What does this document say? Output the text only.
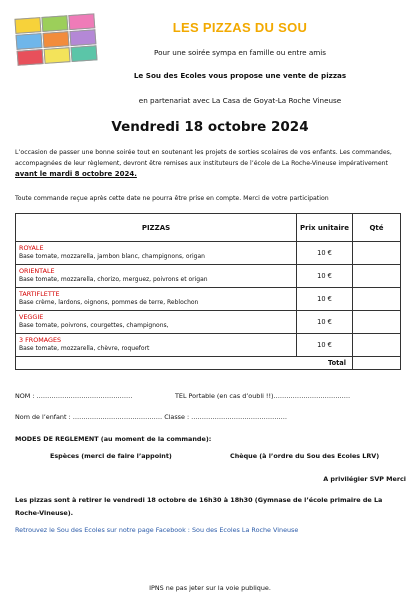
LES PIZZAS DU SOU
Pour une soirée sympa en famille ou entre amis
Le Sou des Ecoles vous propose une vente de pizzas
en partenariat avec La Casa de Goyat-La Roche Vineuse
Vendredi 18 octobre 2024
L’occasion de passer une bonne soirée tout en soutenant les projets de sorties scolaires de vos enfants. Les commandes, accompagnées de leur règlement, devront être remises aux instituteurs de l’école de La Roche-Vineuse impérativement avant le mardi 8 octobre 2024.
Toute commande reçue après cette date ne pourra être prise en compte. Merci de votre participation
PIZZAS	Prix unitaire	Qté

ROYALE
Base tomate, mozzarella, jambon blanc, champignons, origan	10 €	

ORIENTALE
Base tomate, mozzarella, chorizo, merguez, poivrons et origan	10 €	

TARTIFLETTE
Base crème, lardons, oignons, pommes de terre, Reblochon	10 €	

VEGGIE
Base tomate, poivrons, courgettes, champignons,	10 €	

3 FROMAGES
Base tomate, mozzarella, chèvre, roquefort	10 €	
Total		
NOM : ………………………………………	TEL Portable (en cas d’oubli !!)………………………………
Nom de l’enfant : …………………………………… Classe : ………………………………………
MODES DE REGLEMENT (au moment de la commande):
Espèces (merci de faire l’appoint)	Chèque (à l’ordre du Sou des Ecoles LRV)
A privilégier SVP Merci
Les pizzas sont à retirer le vendredi 18 octobre de 16h30 à 18h30 (Gymnase de l’école primaire de La Roche-Vineuse).
Retrouvez le Sou des Ecoles sur notre page Facebook : Sou des Ecoles La Roche Vineuse
IPNS ne pas jeter sur la voie publique.
